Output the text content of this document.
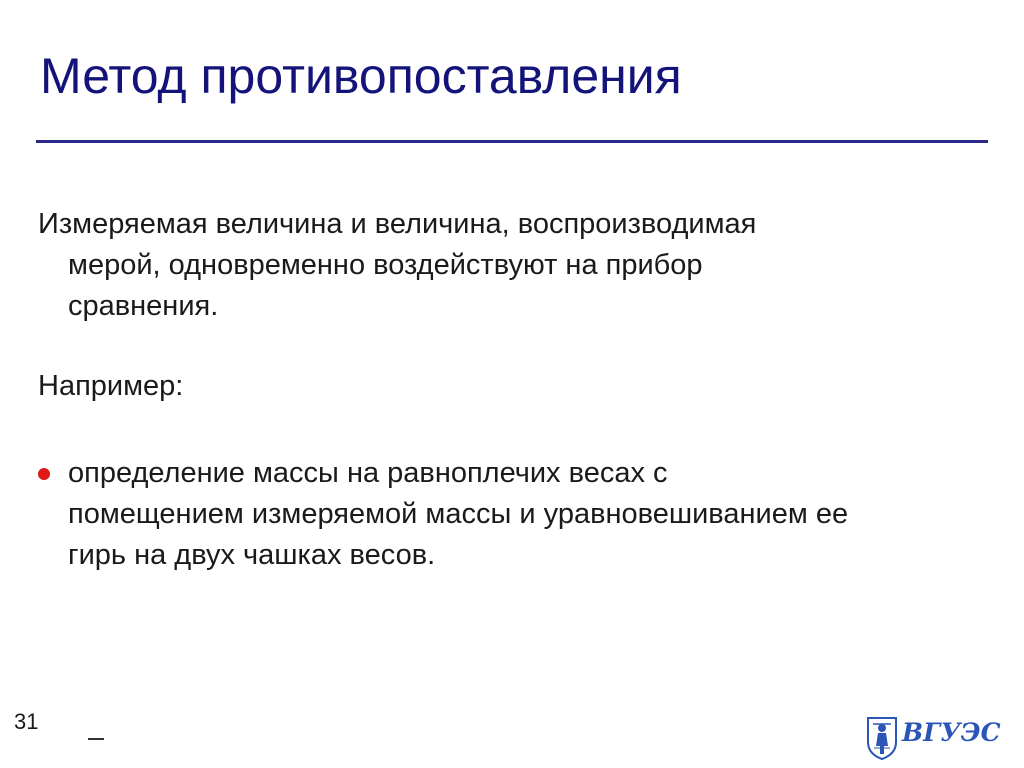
Метод противопоставления
Измеряемая величина и величина, воспроизводимая
мерой, одновременно воздействуют на прибор
сравнения.
Например:
определение массы на равноплечих весах с
помещением измеряемой массы и уравновешиванием ее
гирь на двух чашках весов.
31	ВГУЭС
